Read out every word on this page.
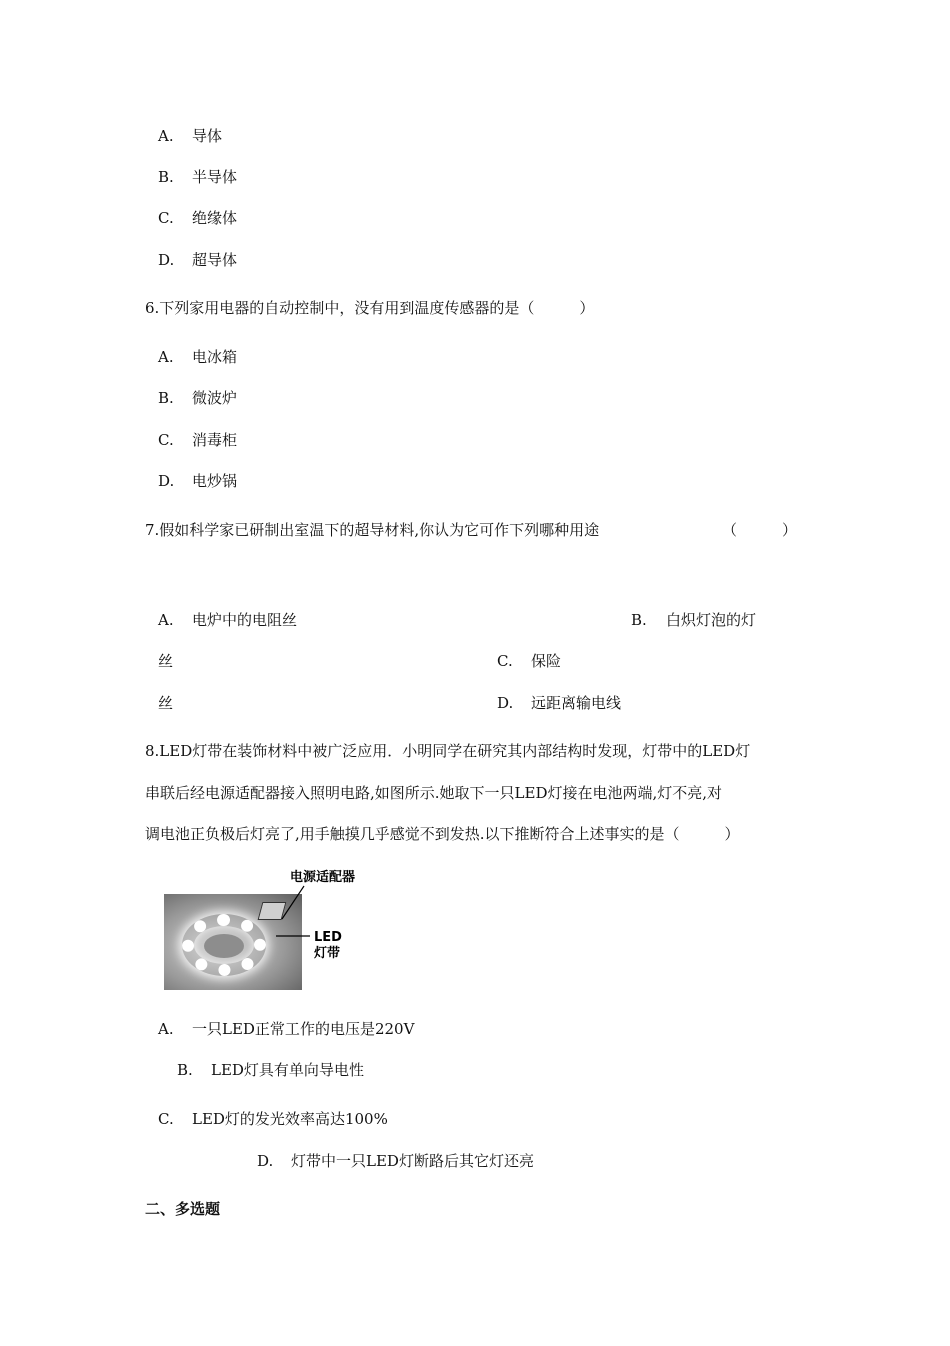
A. 导体
B. 半导体
C. 绝缘体
D. 超导体
6.下列家用电器的自动控制中，没有用到温度传感器的是（　　　）
A. 电冰箱
B. 微波炉
C. 消毒柜
D. 电炒锅
7.假如科学家已研制出室温下的超导材料,你认为它可作下列哪种用途	（　　　）
A. 电炉中的电阻丝	B. 白炽灯泡的灯
丝	C. 保险
丝	D. 远距离输电线
8.LED灯带在装饰材料中被广泛应用．小明同学在研究其内部结构时发现，灯带中的LED灯
串联后经电源适配器接入照明电路,如图所示.她取下一只LED灯接在电池两端,灯不亮,对
调电池正负极后灯亮了,用手触摸几乎感觉不到发热.以下推断符合上述事实的是（　　　）
电源适配器
LED
灯带
A. 一只LED正常工作的电压是220V
B. LED灯具有单向导电性
C. LED灯的发光效率高达100%
D. 灯带中一只LED灯断路后其它灯还亮
二、多选题
